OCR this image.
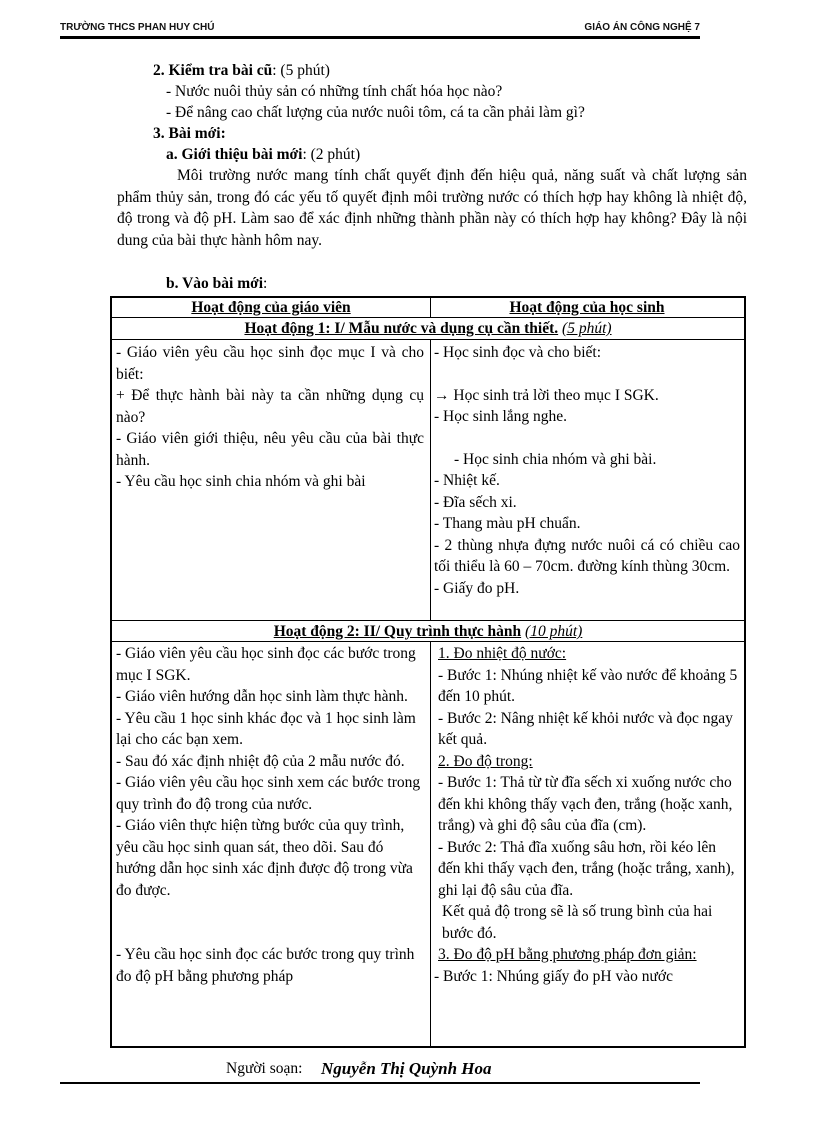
TRƯỜNG THCS PHAN HUY CHÚ	GIÁO ÁN CÔNG NGHỆ 7
2. Kiểm tra bài cũ: (5 phút)
- Nước nuôi thủy sản có những tính chất hóa học nào?
- Để nâng cao chất lượng của nước nuôi tôm, cá ta cần phải làm gì?
3. Bài mới:
a. Giới thiệu bài mới: (2 phút)
Môi trường nước mang tính chất quyết định đến hiệu quả, năng suất và chất lượng sản phẩm thủy sản, trong đó các yếu tố quyết định môi trường nước có thích hợp hay không là nhiệt độ, độ trong và độ pH. Làm sao để xác định những thành phần này có thích hợp hay không? Đây là nội dung của bài thực hành hôm nay.
b. Vào bài mới:
Hoạt động của giáo viên	Hoạt động của học sinh
Hoạt động 1: I/ Mẫu nước và dụng cụ cần thiết. (5 phút)

- Giáo viên yêu cầu học sinh đọc mục I và cho biết:

+ Để thực hành bài này ta cần những dụng cụ nào?

- Giáo viên giới thiệu, nêu yêu cầu của bài thực hành.

- Yêu cầu học sinh chia nhóm và ghi bài

- Học sinh đọc và cho biết:

→ Học sinh trả lời theo mục I SGK.

- Học sinh lắng nghe.

- Học sinh chia nhóm và ghi bài.

- Nhiệt kế.

- Đĩa sếch xi.

- Thang màu pH chuẩn.

- 2 thùng nhựa đựng nước nuôi cá có chiều cao tối thiểu là 60 – 70cm. đường kính thùng 30cm.

- Giấy đo pH.

Hoạt động 2: II/ Quy trình thực hành (10 phút)

- Giáo viên yêu cầu học sinh đọc các bước trong mục I SGK.

- Giáo viên hướng dẫn học sinh làm thực hành.

- Yêu cầu 1 học sinh khác đọc và 1 học sinh làm lại cho các bạn xem.

- Sau đó xác định nhiệt độ của 2 mẫu nước đó.

- Giáo viên yêu cầu học sinh xem các bước trong quy trình đo độ trong của nước.

- Giáo viên thực hiện từng bước của quy trình, yêu cầu học sinh quan sát, theo dõi. Sau đó hướng dẫn học sinh xác định được độ trong vừa đo được.

- Yêu cầu học sinh đọc các bước trong quy trình đo độ pH bằng phương pháp

1. Đo nhiệt độ nước:

- Bước 1: Nhúng nhiệt kế vào nước để khoảng 5 đến 10 phút.

- Bước 2: Nâng nhiệt kế khỏi nước và đọc ngay kết quả.

2. Đo độ trong:

- Bước 1: Thả từ từ đĩa sếch xi xuống nước cho đến khi không thấy vạch đen, trắng (hoặc xanh, trắng) và ghi độ sâu của đĩa (cm).

- Bước 2: Thả đĩa xuống sâu hơn, rồi kéo lên đến khi thấy vạch đen, trắng (hoặc trắng, xanh), ghi lại độ sâu của đĩa.

Kết quả độ trong sẽ là số trung bình của hai bước đó.

3. Đo độ pH bằng phương pháp đơn giản:

- Bước 1: Nhúng giấy đo pH vào nước

Người soạn: Nguyễn Thị Quỳnh Hoa
